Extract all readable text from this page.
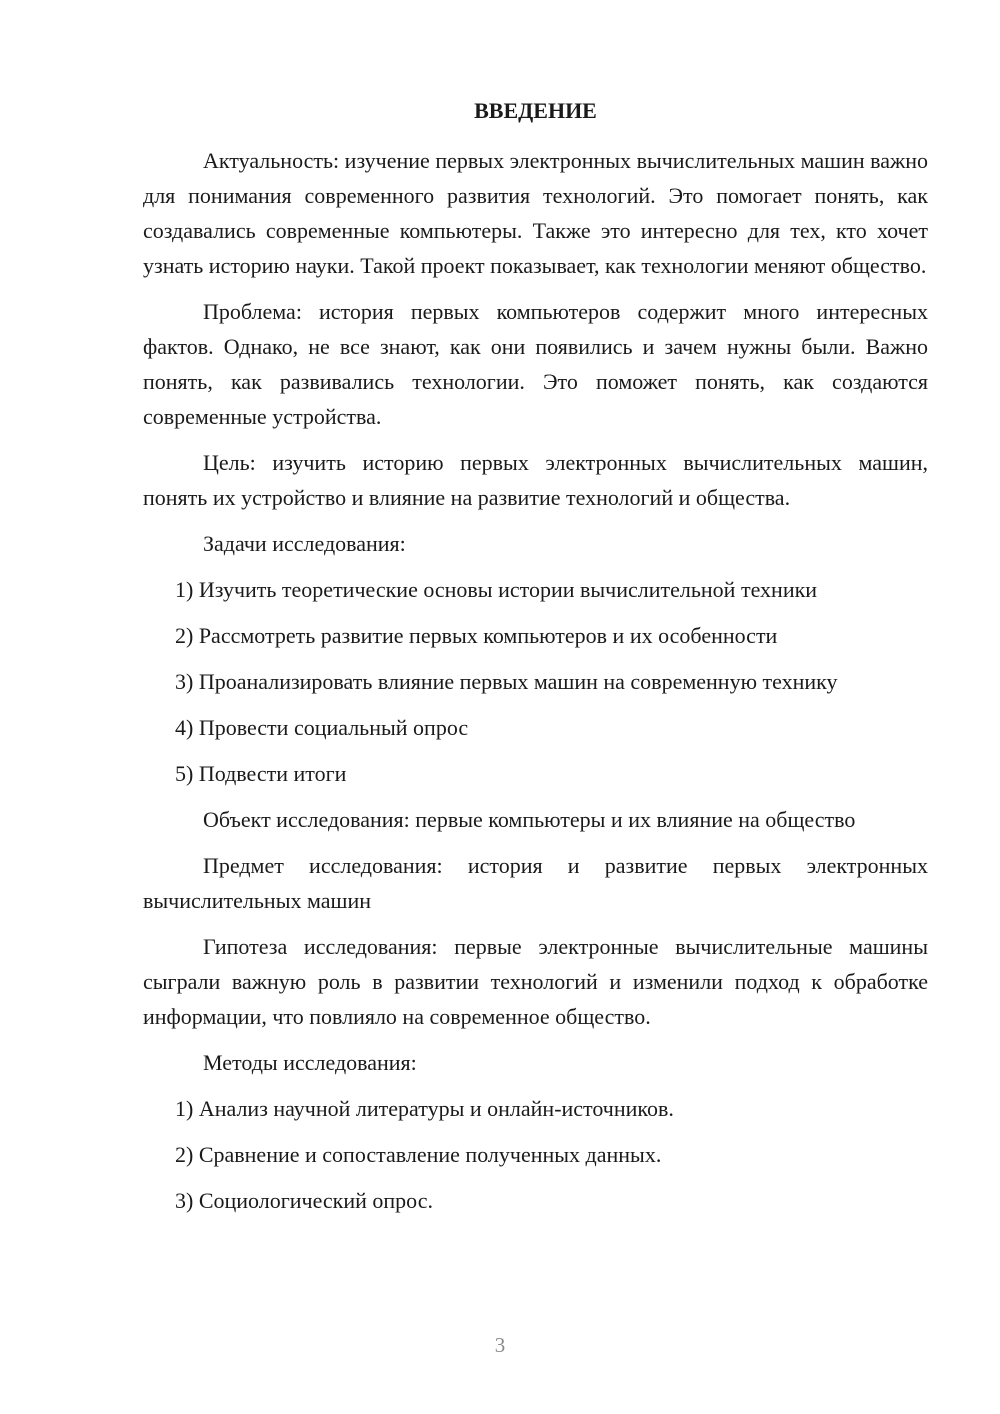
ВВЕДЕНИЕ

Актуальность: изучение первых электронных вычислительных машин важно для понимания современного развития технологий. Это помогает понять, как создавались современные компьютеры. Также это интересно для тех, кто хочет узнать историю науки. Такой проект показывает, как технологии меняют общество.

Проблема: история первых компьютеров содержит много интересных фактов. Однако, не все знают, как они появились и зачем нужны были. Важно понять, как развивались технологии. Это поможет понять, как создаются современные устройства.

Цель: изучить историю первых электронных вычислительных машин, понять их устройство и влияние на развитие технологий и общества.

Задачи исследования:

1) Изучить теоретические основы истории вычислительной техники
2) Рассмотреть развитие первых компьютеров и их особенности
3) Проанализировать влияние первых машин на современную технику
4) Провести социальный опрос
5) Подвести итоги

Объект исследования: первые компьютеры и их влияние на общество

Предмет исследования: история и развитие первых электронных вычислительных машин

Гипотеза исследования: первые электронные вычислительные машины сыграли важную роль в развитии технологий и изменили подход к обработке информации, что повлияло на современное общество.

Методы исследования:

1) Анализ научной литературы и онлайн-источников.
2) Сравнение и сопоставление полученных данных.
3) Социологический опрос.
3
